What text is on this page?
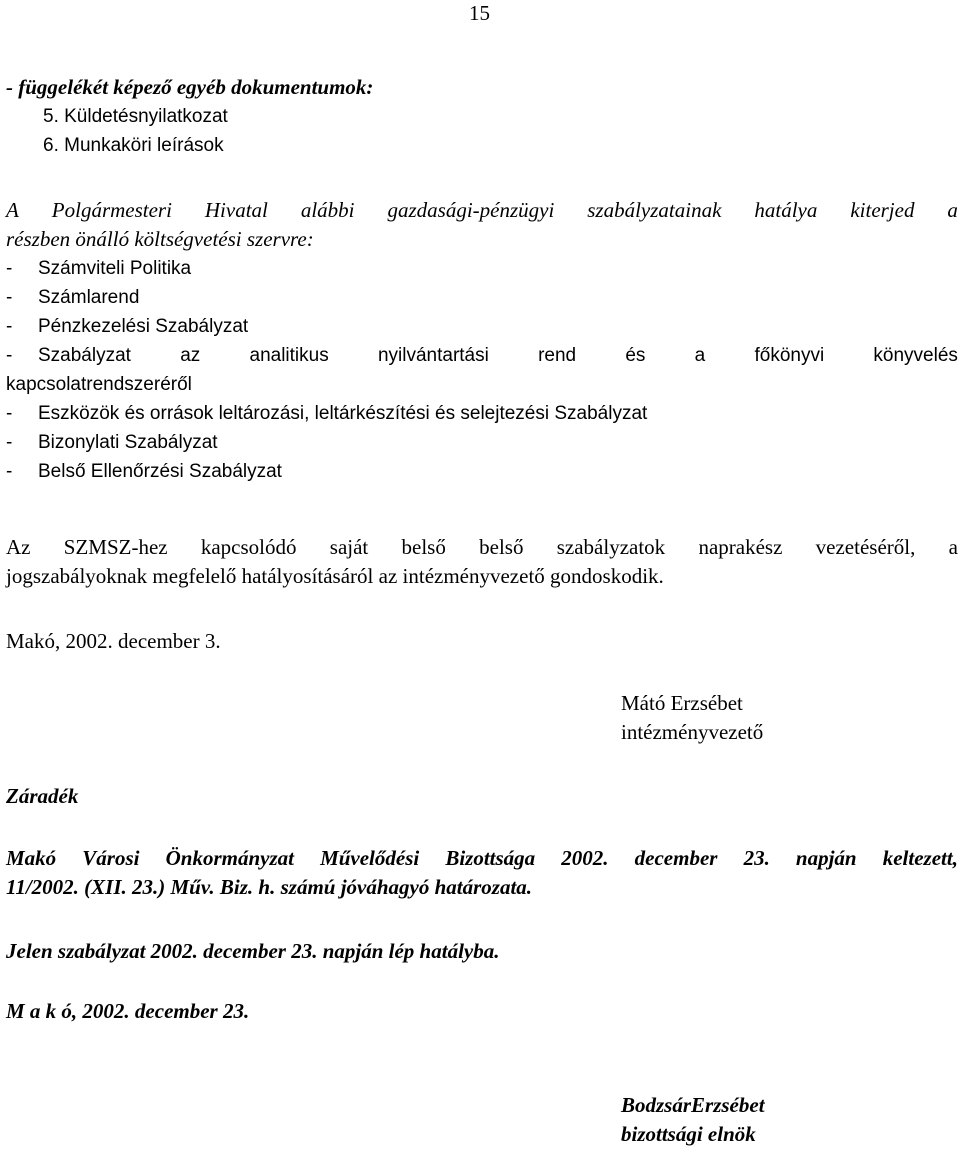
15
- függelékét képező egyéb dokumentumok:
5. Küldetésnyilatkozat
6. Munkaköri leírások
A Polgármesteri Hivatal alábbi gazdasági-pénzügyi szabályzatainak hatálya kiterjed a
részben önálló költségvetési szervre:
- Számviteli Politika
- Számlarend
- Pénzkezelési Szabályzat
-	Szabályzat	az	analitikus	nyilvántartási	rend	és	a	főkönyvi	könyvelés
kapcsolatrendszeréről
- Eszközök és orrások leltározási, leltárkészítési és selejtezési Szabályzat
- Bizonylati Szabályzat
- Belső Ellenőrzési Szabályzat
Az SZMSZ-hez kapcsolódó saját belső belső szabályzatok naprakész vezetéséről, a
jogszabályoknak megfelelő hatályosításáról az intézményvezető gondoskodik.
Makó, 2002. december 3.
Mátó Erzsébet
intézményvezető
Záradék
Makó Városi Önkormányzat Művelődési Bizottsága 2002. december 23. napján keltezett,
11/2002. (XII. 23.) Műv. Biz. h. számú jóváhagyó határozata.
Jelen szabályzat 2002. december 23. napján lép hatályba.
M a k ó, 2002. december 23.
BodzsárErzsébet
bizottsági elnök
